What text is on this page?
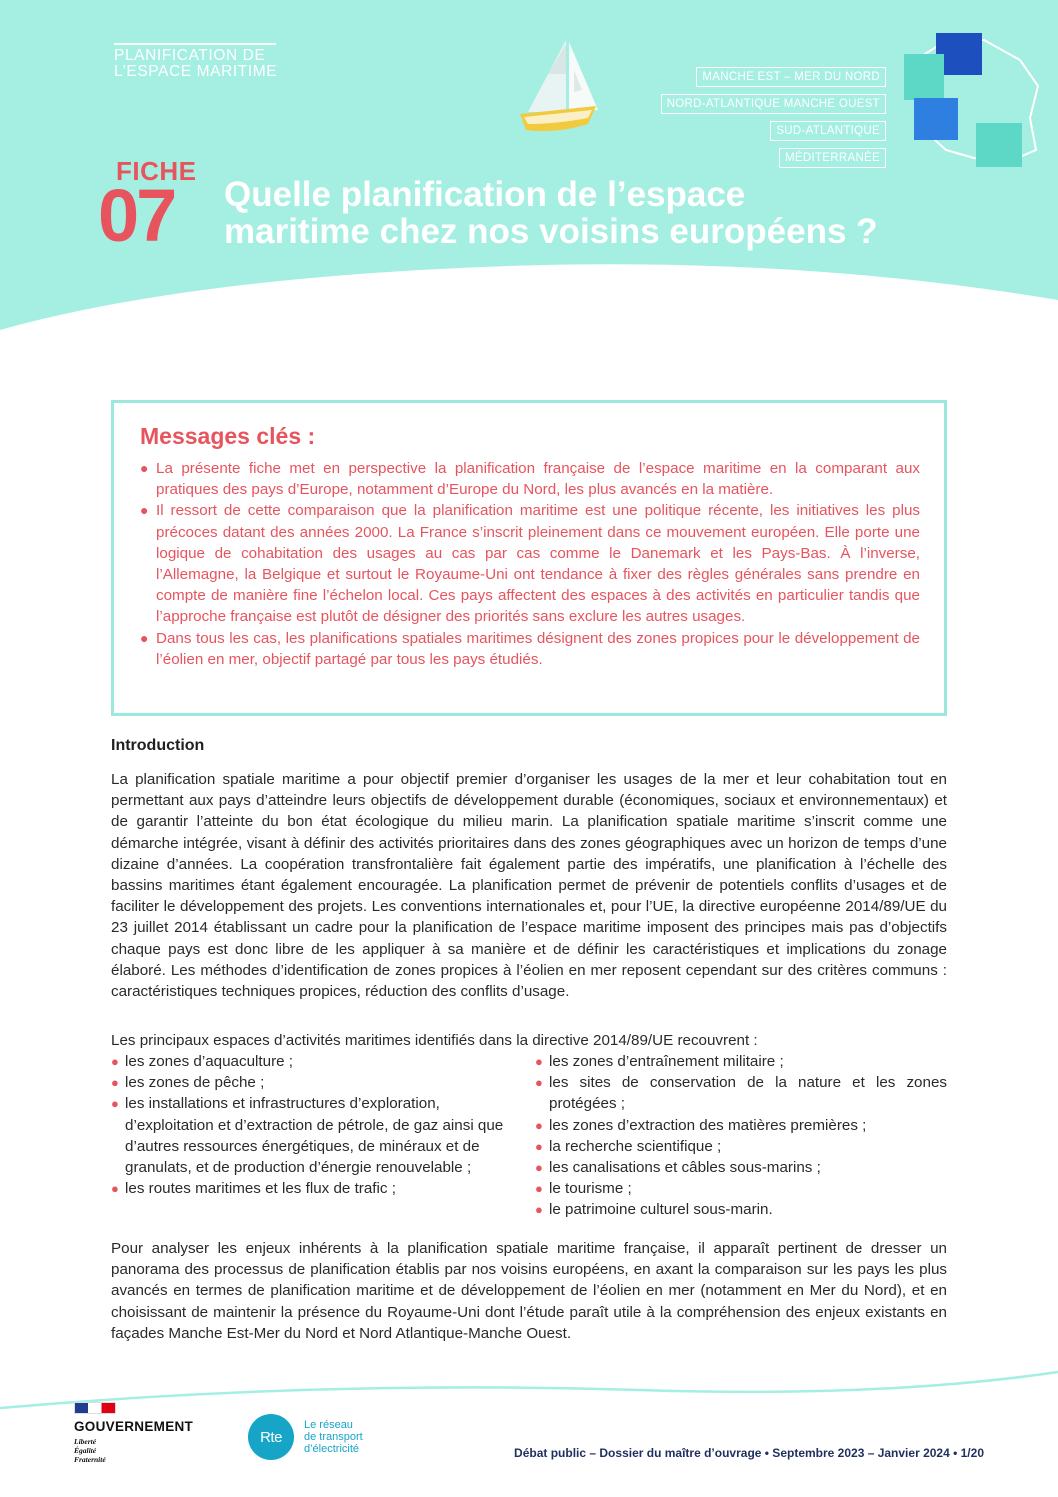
PLANIFICATION DE
L’ESPACE MARITIME	MANCHE EST – MER DU NORD
NORD-ATLANTIQUE MANCHE OUEST
SUD-ATLANTIQUE
MÉDITERRANÉE
FICHE
07 Quelle planification de l’espace
maritime chez nos voisins européens ?
Messages clés :
● La présente fiche met en perspective la planification française de l’espace maritime en la comparant aux pratiques des pays d’Europe, notamment d’Europe du Nord, les plus avancés en la matière.
● Il ressort de cette comparaison que la planification maritime est une politique récente, les initiatives les plus précoces datant des années 2000. La France s’inscrit pleinement dans ce mouvement européen. Elle porte une logique de cohabitation des usages au cas par cas comme le Danemark et les Pays-Bas. À l’inverse, l’Allemagne, la Belgique et surtout le Royaume-Uni ont tendance à fixer des règles générales sans prendre en compte de manière fine l’échelon local. Ces pays affectent des espaces à des activités en particulier tandis que l’approche française est plutôt de désigner des priorités sans exclure les autres usages.
● Dans tous les cas, les planifications spatiales maritimes désignent des zones propices pour le développement de l’éolien en mer, objectif partagé par tous les pays étudiés.
Introduction
La planification spatiale maritime a pour objectif premier d’organiser les usages de la mer et leur cohabitation tout en permettant aux pays d’atteindre leurs objectifs de développement durable (économiques, sociaux et environnementaux) et de garantir l’atteinte du bon état écologique du milieu marin. La planification spatiale maritime s’inscrit comme une démarche intégrée, visant à définir des activités prioritaires dans des zones géographiques avec un horizon de temps d’une dizaine d’années. La coopération transfrontalière fait également partie des impératifs, une planification à l’échelle des bassins maritimes étant également encouragée. La planification permet de prévenir de potentiels conflits d’usages et de faciliter le développement des projets. Les conventions internationales et, pour l’UE, la directive européenne 2014/89/UE du 23 juillet 2014 établissant un cadre pour la planification de l’espace maritime imposent des principes mais pas d’objectifs chaque pays est donc libre de les appliquer à sa manière et de définir les caractéristiques et implications du zonage élaboré. Les méthodes d’identification de zones propices à l’éolien en mer reposent cependant sur des critères communs : caractéristiques techniques propices, réduction des conflits d’usage.
Les principaux espaces d’activités maritimes identifiés dans la directive 2014/89/UE recouvrent :
● les zones d’aquaculture ;
● les zones de pêche ;
● les installations et infrastructures d’exploration, d’exploitation et d’extraction de pétrole, de gaz ainsi que d’autres ressources énergétiques, de minéraux et de granulats, et de production d’énergie renouvelable ;
● les routes maritimes et les flux de trafic ;
● les zones d’entraînement militaire ;
● les sites de conservation de la nature et les zones protégées ;
● les zones d’extraction des matières premières ;
● la recherche scientifique ;
● les canalisations et câbles sous-marins ;
● le tourisme ;
● le patrimoine culturel sous-marin.
Pour analyser les enjeux inhérents à la planification spatiale maritime française, il apparaît pertinent de dresser un panorama des processus de planification établis par nos voisins européens, en axant la comparaison sur les pays les plus avancés en termes de planification maritime et de développement de l’éolien en mer (notamment en Mer du Nord), et en choisissant de maintenir la présence du Royaume-Uni dont l’étude paraît utile à la compréhension des enjeux existants en façades Manche Est-Mer du Nord et Nord Atlantique-Manche Ouest.
GOUVERNEMENT
Liberté
Égalité
Fraternité
Rte
Le réseau
de transport
d’électricité	Débat public – Dossier du maître d’ouvrage • Septembre 2023 – Janvier 2024 • 1/20
